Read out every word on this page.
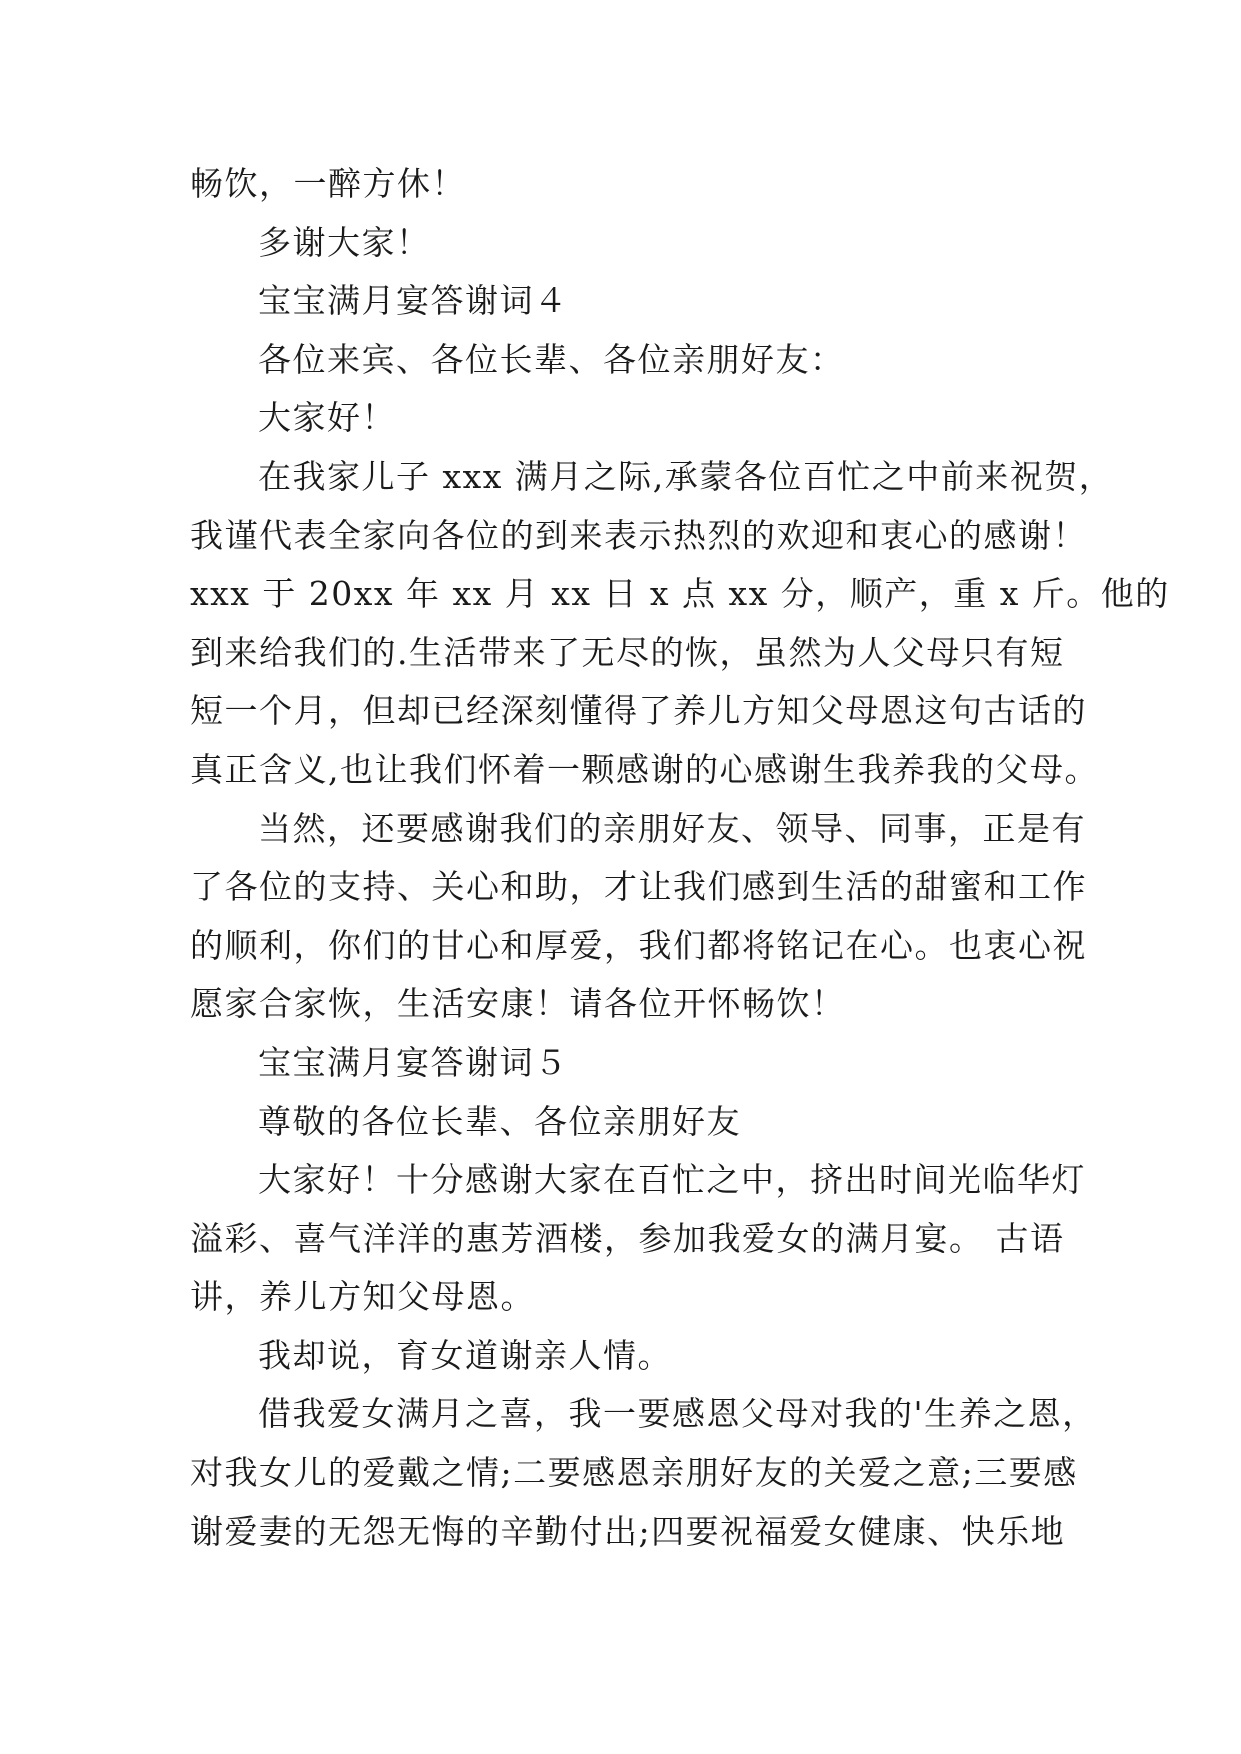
畅饮，一醉方休！
多谢大家！
宝宝满月宴答谢词４
各位来宾、各位长辈、各位亲朋好友：
大家好！
在我家儿子 xxx 满月之际,承蒙各位百忙之中前来祝贺，
我谨代表全家向各位的到来表示热烈的欢迎和衷心的感谢！
xxx 于 20xx 年 xx 月 xx 日 x 点 xx 分，顺产，重 x 斤。他的
到来给我们的.生活带来了无尽的恢，虽然为人父母只有短
短一个月，但却已经深刻懂得了养儿方知父母恩这句古话的
真正含义,也让我们怀着一颗感谢的心感谢生我养我的父母。
当然，还要感谢我们的亲朋好友、领导、同事，正是有
了各位的支持、关心和助，才让我们感到生活的甜蜜和工作
的顺利，你们的甘心和厚爱，我们都将铭记在心。也衷心祝
愿家合家恢，生活安康！请各位开怀畅饮！
宝宝满月宴答谢词５
尊敬的各位长辈、各位亲朋好友
大家好！十分感谢大家在百忙之中，挤出时间光临华灯
溢彩、喜气洋洋的惠芳酒楼，参加我爱女的满月宴。 古语
讲，养儿方知父母恩。
我却说，育女道谢亲人情。
借我爱女满月之喜，我一要感恩父母对我的'生养之恩，
对我女儿的爱戴之情;二要感恩亲朋好友的关爱之意;三要感
谢爱妻的无怨无悔的辛勤付出;四要祝福爱女健康、快乐地
